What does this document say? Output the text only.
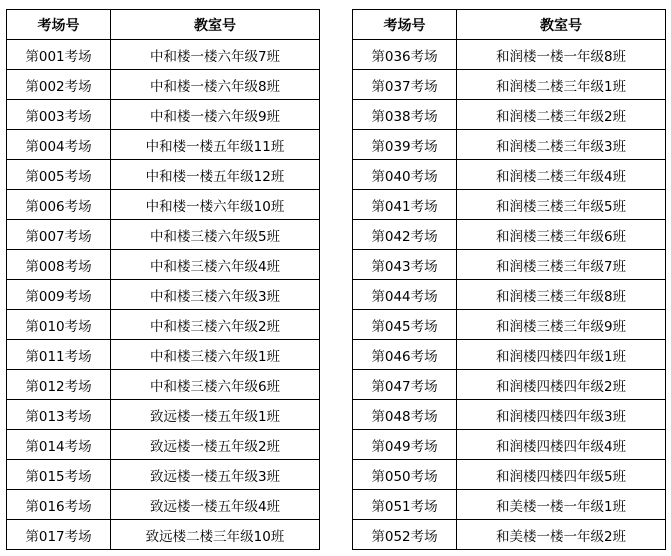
考场号	教室号
第001考场	中和楼一楼六年级7班
第002考场	中和楼一楼六年级8班
第003考场	中和楼一楼六年级9班
第004考场	中和楼一楼五年级11班
第005考场	中和楼一楼五年级12班
第006考场	中和楼一楼六年级10班
第007考场	中和楼三楼六年级5班
第008考场	中和楼三楼六年级4班
第009考场	中和楼三楼六年级3班
第010考场	中和楼三楼六年级2班
第011考场	中和楼三楼六年级1班
第012考场	中和楼三楼六年级6班
第013考场	致远楼一楼五年级1班
第014考场	致远楼一楼五年级2班
第015考场	致远楼一楼五年级3班
第016考场	致远楼一楼五年级4班
第017考场	致远楼二楼三年级10班
考场号	教室号
第036考场	和润楼一楼一年级8班
第037考场	和润楼二楼三年级1班
第038考场	和润楼二楼三年级2班
第039考场	和润楼二楼三年级3班
第040考场	和润楼二楼三年级4班
第041考场	和润楼三楼三年级5班
第042考场	和润楼三楼三年级6班
第043考场	和润楼三楼三年级7班
第044考场	和润楼三楼三年级8班
第045考场	和润楼三楼三年级9班
第046考场	和润楼四楼四年级1班
第047考场	和润楼四楼四年级2班
第048考场	和润楼四楼四年级3班
第049考场	和润楼四楼四年级4班
第050考场	和润楼四楼四年级5班
第051考场	和美楼一楼一年级1班
第052考场	和美楼一楼一年级2班
